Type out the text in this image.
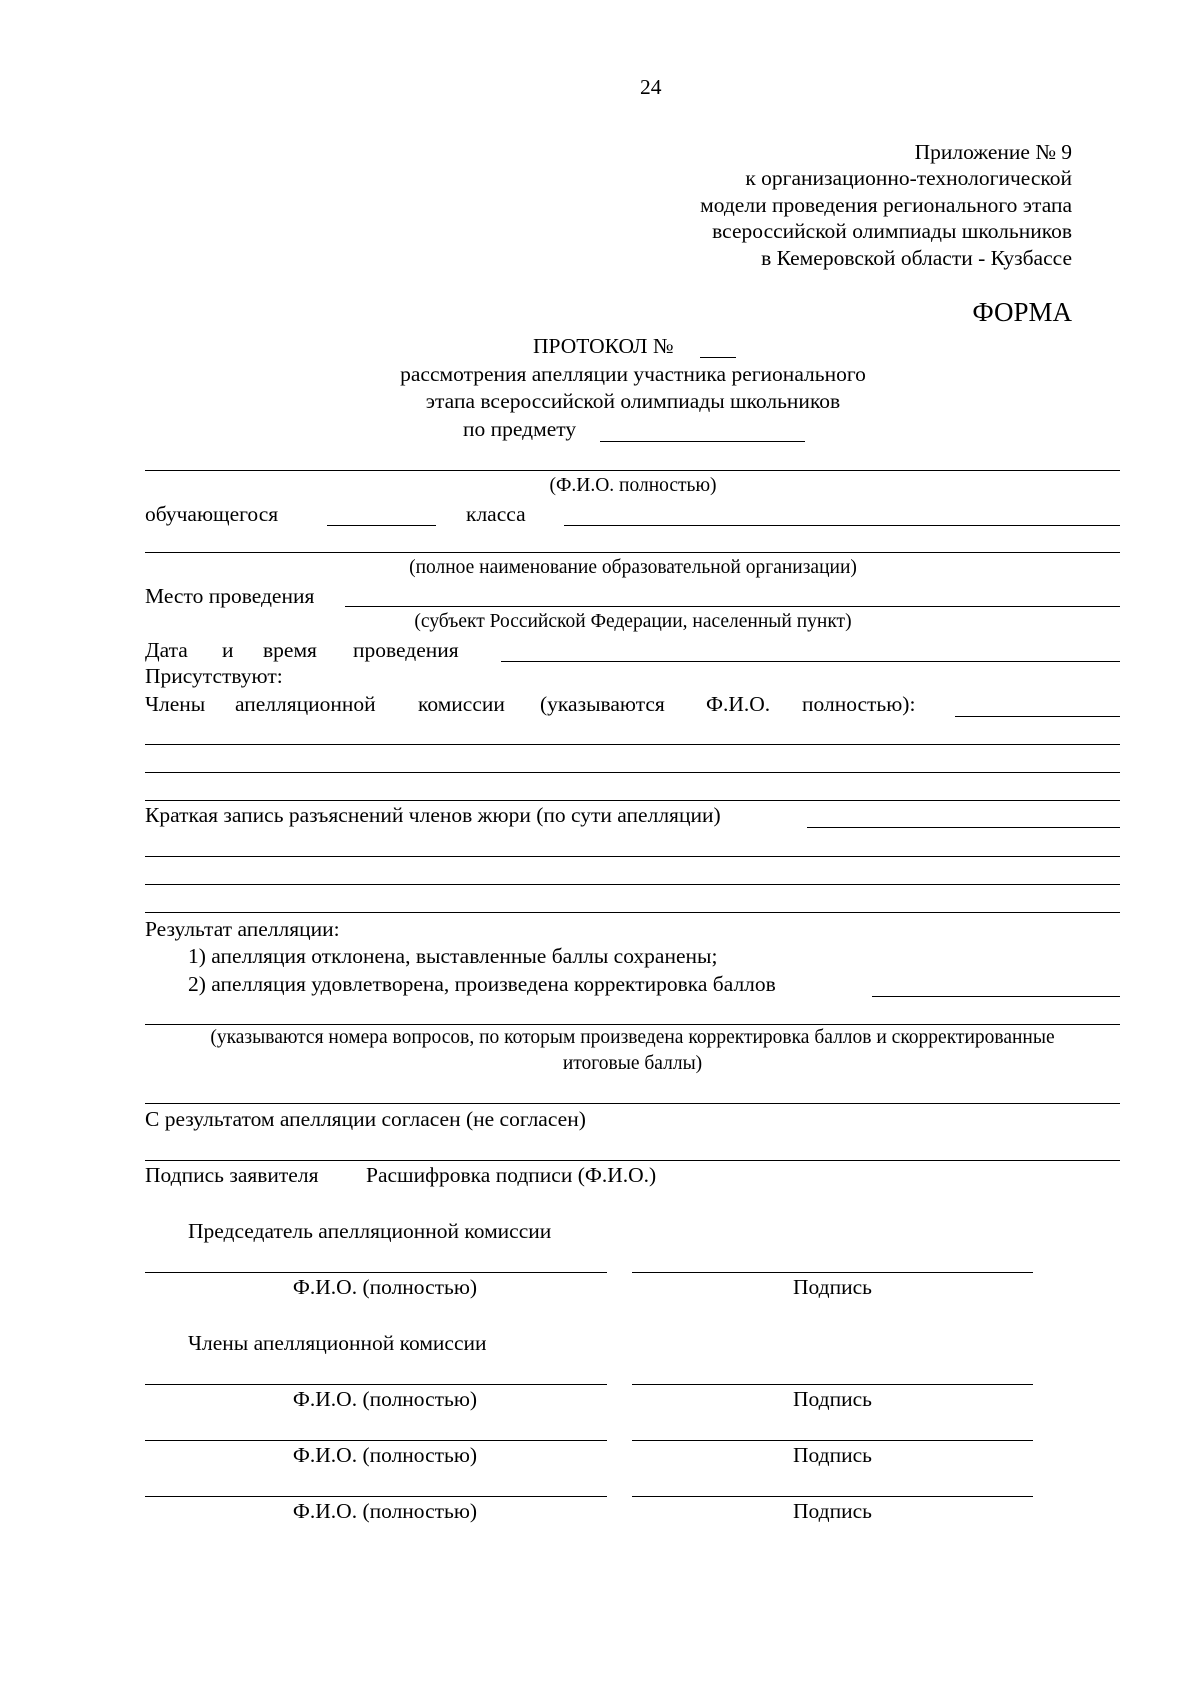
24
Приложение № 9
к организационно-технологической
модели проведения регионального этапа
всероссийской олимпиады школьников
в Кемеровской области - Кузбассе
ФОРМА
ПРОТОКОЛ №
рассмотрения апелляции участника регионального
этапа всероссийской олимпиады школьников
по предмету
(Ф.И.О. полностью)
обучающегося	класса
(полное наименование образовательной организации)
Место проведения
(субъект Российской Федерации, населенный пункт)
Дата и время проведения
Присутствуют:
Члены апелляционной комиссии (указываются Ф.И.О. полностью):
Краткая запись разъяснений членов жюри (по сути апелляции)
Результат апелляции:
1) апелляция отклонена, выставленные баллы сохранены;
2) апелляция удовлетворена, произведена корректировка баллов
(указываются номера вопросов, по которым произведена корректировка баллов и скорректированные
итоговые баллы)
С результатом апелляции согласен (не согласен)
Подпись заявителя Расшифровка подписи (Ф.И.О.)
Председатель апелляционной комиссии
Ф.И.О. (полностью)	Подпись
Члены апелляционной комиссии
Ф.И.О. (полностью)	Подпись
Ф.И.О. (полностью)	Подпись
Ф.И.О. (полностью)	Подпись
